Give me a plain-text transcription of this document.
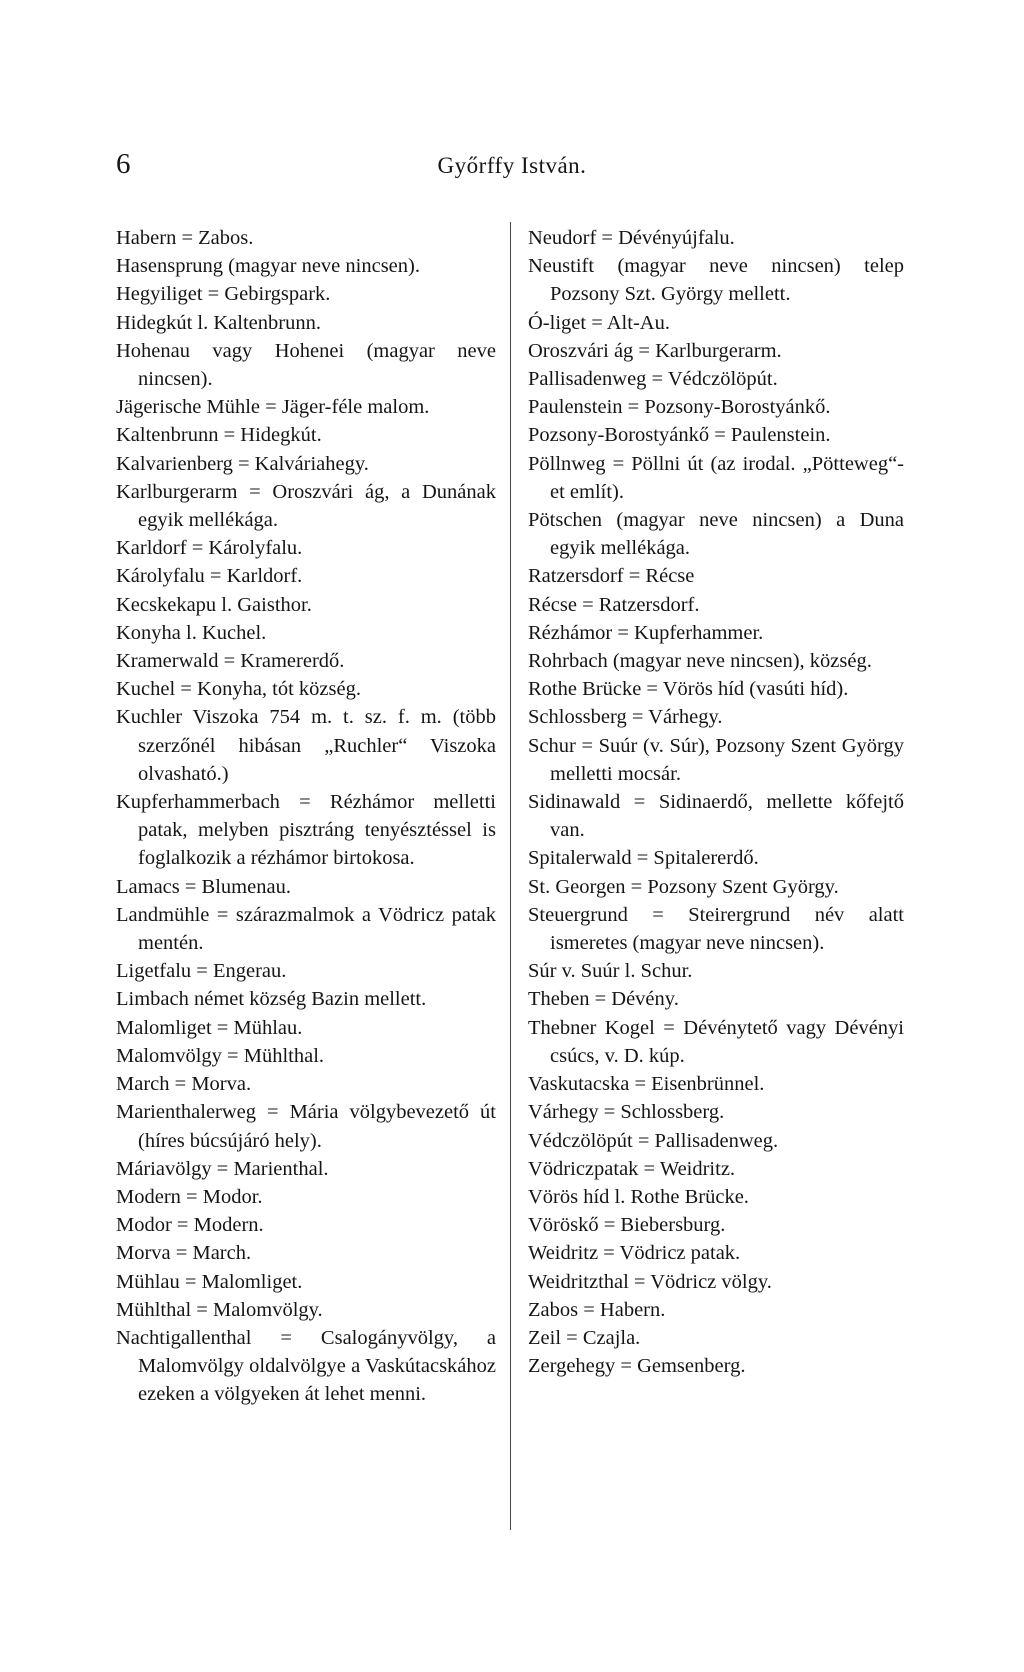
6	Győrffy István.

Habern = Zabos.

Hasensprung (magyar neve nincsen).

Hegyiliget = Gebirgspark.

Hidegkút l. Kaltenbrunn.

Hohenau vagy Hohenei (magyar neve nincsen).

Jägerische Mühle = Jäger-féle malom.

Kaltenbrunn = Hidegkút.

Kalvarienberg = Kalváriahegy.

Karlburgerarm = Oroszvári ág, a Dunának egyik mellékága.

Karldorf = Károlyfalu.

Károlyfalu = Karldorf.

Kecskekapu l. Gaisthor.

Konyha l. Kuchel.

Kramerwald = Kramererdő.

Kuchel = Konyha, tót község.

Kuchler Viszoka 754 m. t. sz. f. m. (több szerzőnél hibásan „Ruchler“ Viszoka olvasható.)

Kupferhammerbach = Rézhámor melletti patak, melyben pisztráng tenyésztéssel is foglalkozik a rézhámor birtokosa.

Lamacs = Blumenau.

Landmühle = szárazmalmok a Vödricz patak mentén.

Ligetfalu = Engerau.

Limbach német község Bazin mellett.

Malomliget = Mühlau.

Malomvölgy = Mühlthal.

March = Morva.

Marienthalerweg = Mária völgybevezető út (híres búcsújáró hely).

Máriavölgy = Marienthal.

Modern = Modor.

Modor = Modern.

Morva = March.

Mühlau = Malomliget.

Mühlthal = Malomvölgy.

Nachtigallenthal = Csalogányvölgy, a Malomvölgy oldalvölgye a Vaskútacskához ezeken a völgyeken át lehet menni.

Neudorf = Dévényújfalu.

Neustift (magyar neve nincsen) telep Pozsony Szt. György mellett.

Ó-liget = Alt-Au.

Oroszvári ág = Karlburgerarm.

Pallisadenweg = Védczölöpút.

Paulenstein = Pozsony-Borostyánkő.

Pozsony-Borostyánkő = Paulenstein.

Pöllnweg = Pöllni út (az irodal. „Pötteweg“-et említ).

Pötschen (magyar neve nincsen) a Duna egyik mellékága.

Ratzersdorf = Récse

Récse = Ratzersdorf.

Rézhámor = Kupferhammer.

Rohrbach (magyar neve nincsen), község.

Rothe Brücke = Vörös híd (vasúti híd).

Schlossberg = Várhegy.

Schur = Suúr (v. Súr), Pozsony Szent György melletti mocsár.

Sidinawald = Sidinaerdő, mellette kőfejtő van.

Spitalerwald = Spitalererdő.

St. Georgen = Pozsony Szent György.

Steuergrund = Steirergrund név alatt ismeretes (magyar neve nincsen).

Súr v. Suúr l. Schur.

Theben = Dévény.

Thebner Kogel = Dévénytető vagy Dévényi csúcs, v. D. kúp.

Vaskutacska = Eisenbrünnel.

Várhegy = Schlossberg.

Védczölöpút = Pallisadenweg.

Vödriczpatak = Weidritz.

Vörös híd l. Rothe Brücke.

Vöröskő = Biebersburg.

Weidritz = Vödricz patak.

Weidritzthal = Vödricz völgy.

Zabos = Habern.

Zeil = Czajla.

Zergehegy = Gemsenberg.
